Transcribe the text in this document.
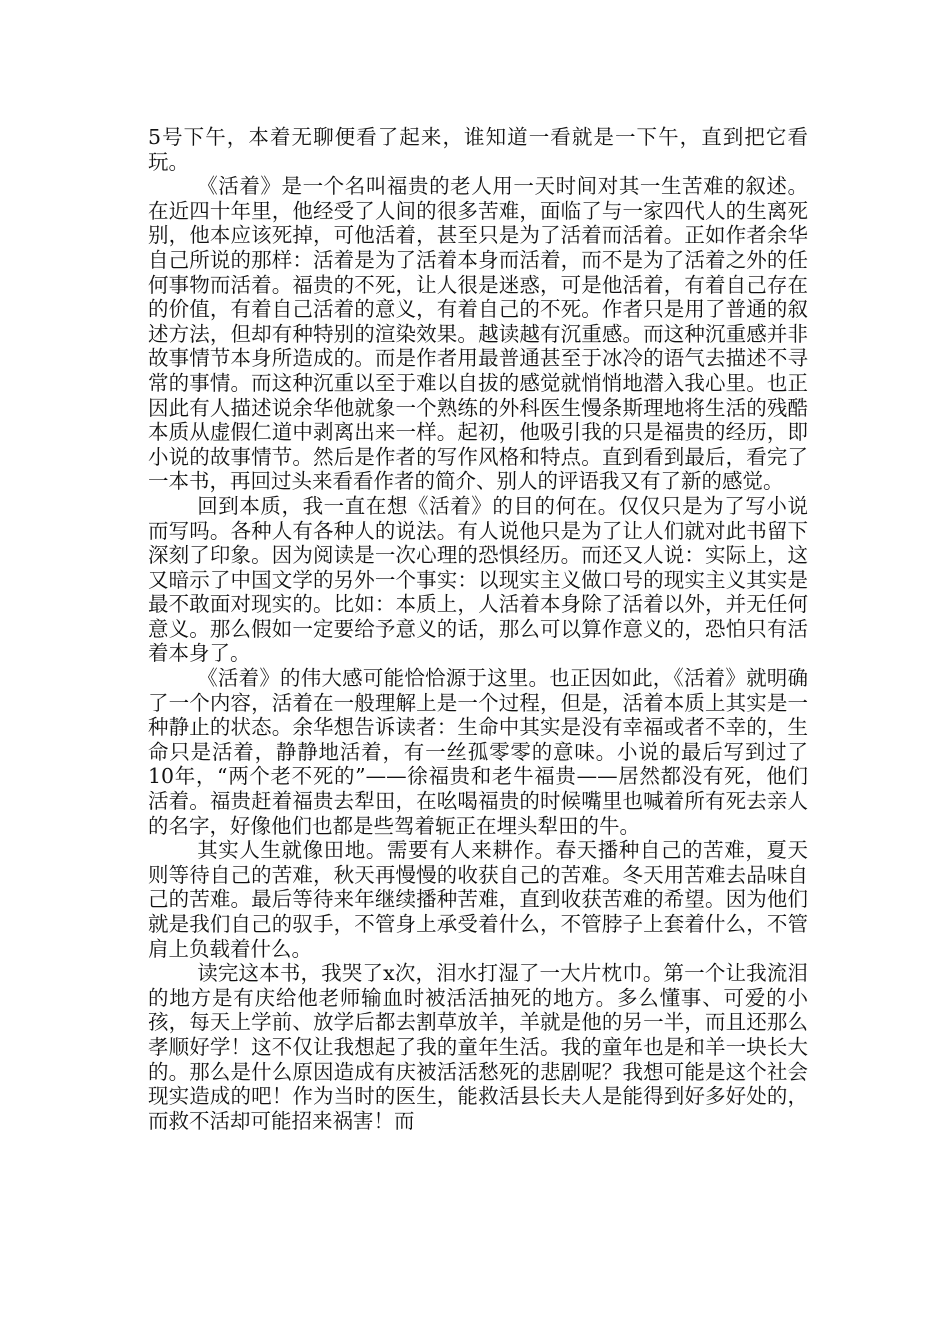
5号下午，本着无聊便看了起来，谁知道一看就是一下午，直到把它看玩。

《活着》是一个名叫福贵的老人用一天时间对其一生苦难的叙述。在近四十年里，他经受了人间的很多苦难，面临了与一家四代人的生离死别，他本应该死掉，可他活着，甚至只是为了活着而活着。正如作者余华自己所说的那样：活着是为了活着本身而活着，而不是为了活着之外的任何事物而活着。福贵的不死，让人很是迷惑，可是他活着，有着自己存在的价值，有着自己活着的意义，有着自己的不死。作者只是用了普通的叙述方法，但却有种特别的渲染效果。越读越有沉重感。而这种沉重感并非故事情节本身所造成的。而是作者用最普通甚至于冰冷的语气去描述不寻常的事情。而这种沉重以至于难以自拔的感觉就悄悄地潜入我心里。也正因此有人描述说余华他就象一个熟练的外科医生慢条斯理地将生活的残酷本质从虚假仁道中剥离出来一样。起初，他吸引我的只是福贵的经历，即小说的故事情节。然后是作者的写作风格和特点。直到看到最后，看完了一本书，再回过头来看看作者的简介、别人的评语我又有了新的感觉。

回到本质，我一直在想《活着》的目的何在。仅仅只是为了写小说而写吗。各种人有各种人的说法。有人说他只是为了让人们就对此书留下深刻了印象。因为阅读是一次心理的恐惧经历。而还又人说：实际上，这又暗示了中国文学的另外一个事实：以现实主义做口号的现实主义其实是最不敢面对现实的。比如：本质上，人活着本身除了活着以外，并无任何意义。那么假如一定要给予意义的话，那么可以算作意义的，恐怕只有活着本身了。

《活着》的伟大感可能恰恰源于这里。也正因如此，《活着》就明确了一个内容，活着在一般理解上是一个过程，但是，活着本质上其实是一种静止的状态。余华想告诉读者：生命中其实是没有幸福或者不幸的，生命只是活着，静静地活着，有一丝孤零零的意味。小说的最后写到过了10年，“两个老不死的”——徐福贵和老牛福贵——居然都没有死，他们活着。福贵赶着福贵去犁田，在吆喝福贵的时候嘴里也喊着所有死去亲人的名字，好像他们也都是些驾着轭正在埋头犁田的牛。

其实人生就像田地。需要有人来耕作。春天播种自己的苦难，夏天则等待自己的苦难，秋天再慢慢的收获自己的苦难。冬天用苦难去品味自己的苦难。最后等待来年继续播种苦难，直到收获苦难的希望。因为他们就是我们自己的驭手，不管身上承受着什么，不管脖子上套着什么，不管肩上负载着什么。

读完这本书，我哭了x次，泪水打湿了一大片枕巾。第一个让我流泪的地方是有庆给他老师输血时被活活抽死的地方。多么懂事、可爱的小孩，每天上学前、放学后都去割草放羊，羊就是他的另一半，而且还那么孝顺好学！这不仅让我想起了我的童年生活。我的童年也是和羊一块长大的。那么是什么原因造成有庆被活活愁死的悲剧呢？我想可能是这个社会现实造成的吧！作为当时的医生，能救活县长夫人是能得到好多好处的，而救不活却可能招来祸害！而
